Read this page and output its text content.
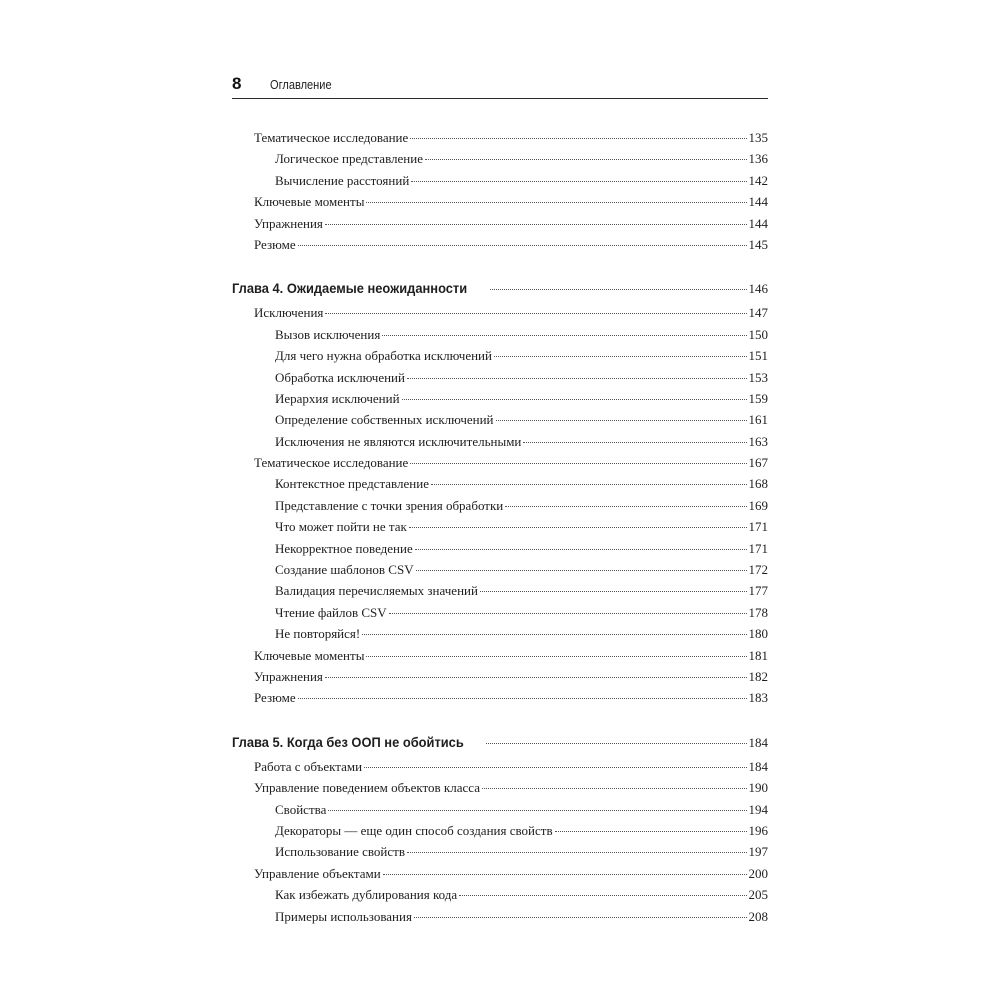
8 Оглавление
Тематическое исследование	135
Логическое представление	136
Вычисление расстояний	142
Ключевые моменты	144
Упражнения	144
Резюме	145
Глава 4. Ожидаемые неожиданности	146
Исключения	147
Вызов исключения	150
Для чего нужна обработка исключений	151
Обработка исключений	153
Иерархия исключений	159
Определение собственных исключений	161
Исключения не являются исключительными	163
Тематическое исследование	167
Контекстное представление	168
Представление с точки зрения обработки	169
Что может пойти не так	171
Некорректное поведение	171
Создание шаблонов CSV	172
Валидация перечисляемых значений	177
Чтение файлов CSV	178
Не повторяйся!	180
Ключевые моменты	181
Упражнения	182
Резюме	183
Глава 5. Когда без ООП не обойтись	184
Работа с объектами	184
Управление поведением объектов класса	190
Свойства	194
Декораторы — еще один способ создания свойств	196
Использование свойств	197
Управление объектами	200
Как избежать дублирования кода	205
Примеры использования	208
